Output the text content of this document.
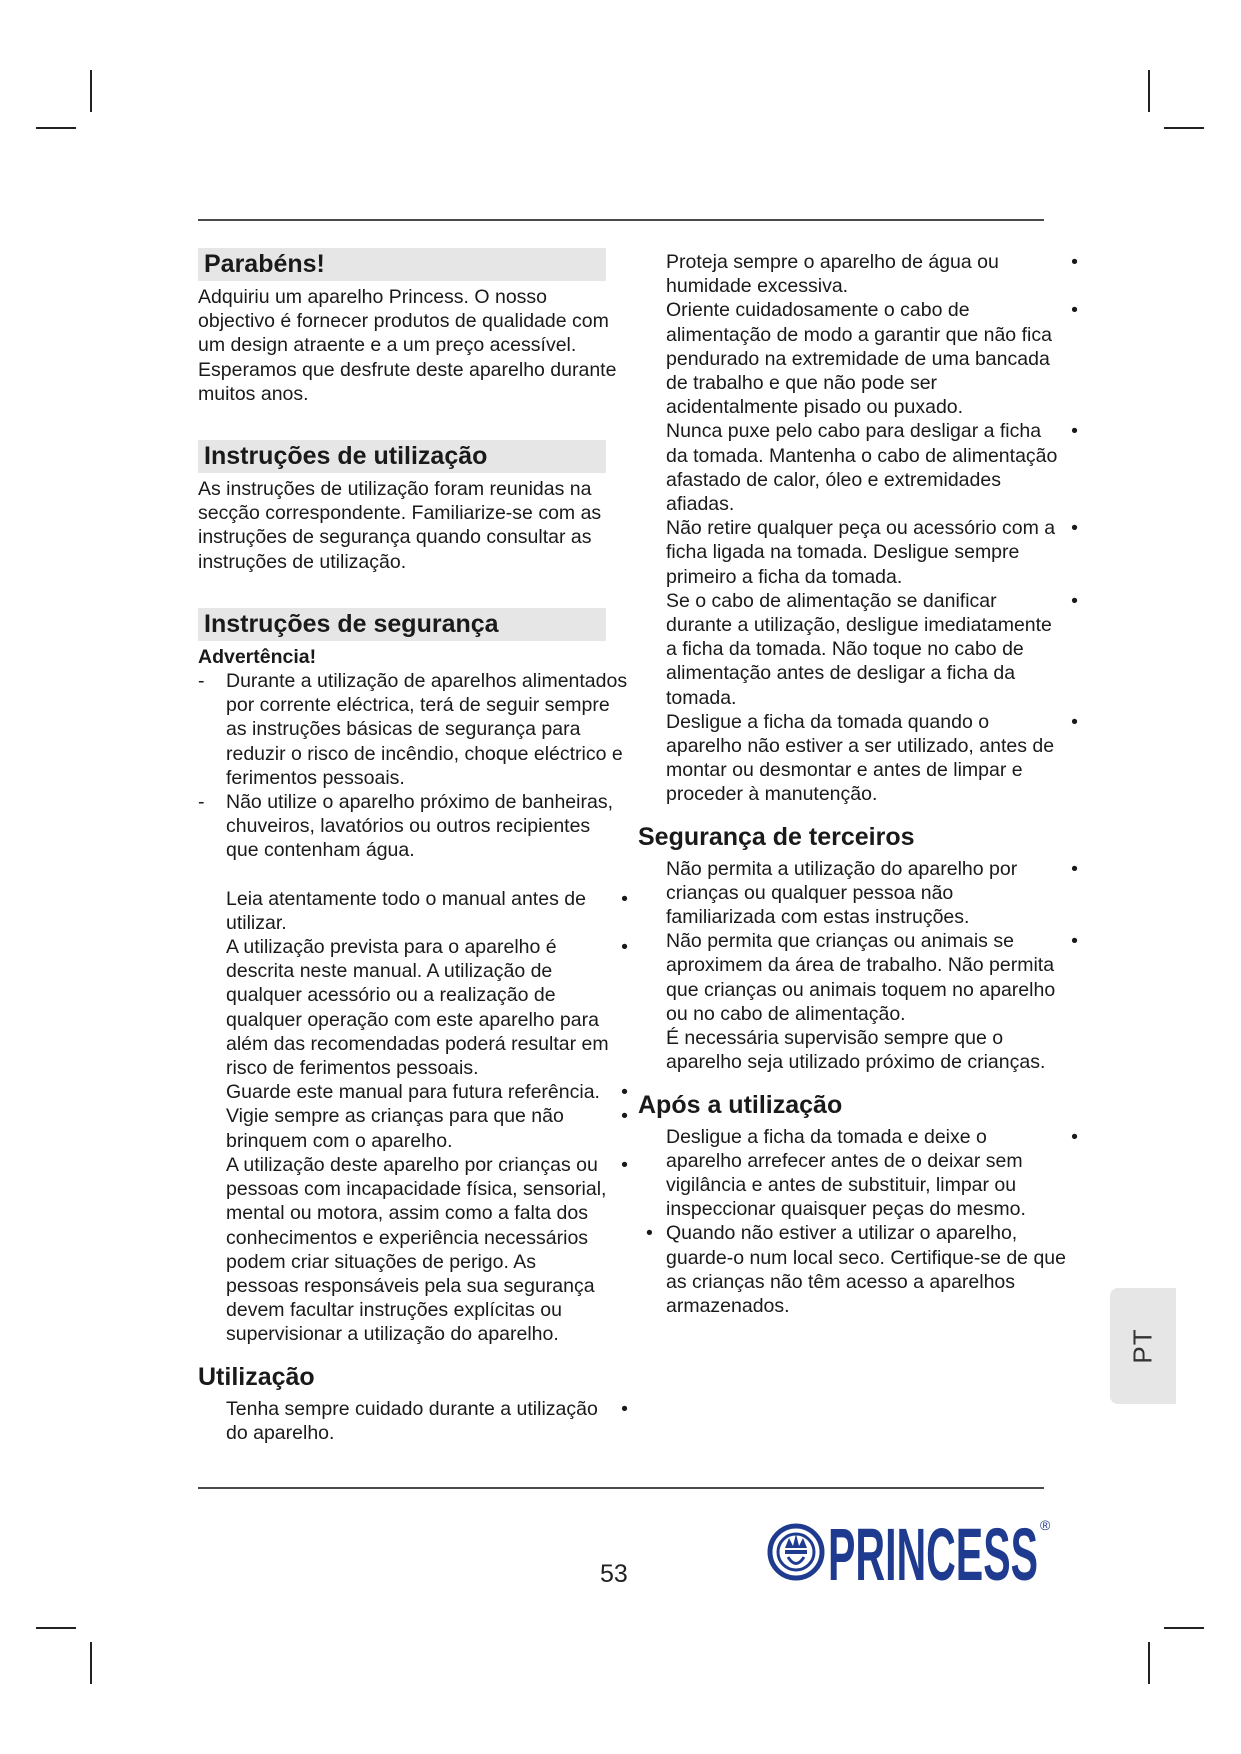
Parabéns!

Adquiriu um aparelho Princess. O nosso objectivo é fornecer produtos de qualidade com um design atraente e a um preço acessível. Esperamos que desfrute deste aparelho durante muitos anos.

Instruções de utilização

As instruções de utilização foram reunidas na secção correspondente. Familiarize-se com as instruções de segurança quando consultar as instruções de utilização.

Instruções de segurança

Advertência!

- Durante a utilização de aparelhos alimentados por corrente eléctrica, terá de seguir sempre as instruções básicas de segurança para reduzir o risco de incêndio, choque eléctrico e ferimentos pessoais.
- Não utilize o aparelho próximo de banheiras, chuveiros, lavatórios ou outros recipientes que contenham água.
Leia atentamente todo o manual antes de utilizar.
•
A utilização prevista para o aparelho é descrita neste manual. A utilização de qualquer acessório ou a realização de qualquer operação com este aparelho para além das recomendadas poderá resultar em risco de ferimentos pessoais.
•
Guarde este manual para futura referência. •
Vigie sempre as crianças para que não brinquem com o aparelho.
•
A utilização deste aparelho por crianças ou pessoas com incapacidade física, sensorial, mental ou motora, assim como a falta dos conhecimentos e experiência necessários podem criar situações de perigo. As pessoas responsáveis pela sua segurança devem facultar instruções explícitas ou supervisionar a utilização do aparelho.
•
Utilização
Tenha sempre cuidado durante a utilização do aparelho.
•
Proteja sempre o aparelho de água ou humidade excessiva.
•
Oriente cuidadosamente o cabo de alimentação de modo a garantir que não fica pendurado na extremidade de uma bancada de trabalho e que não pode ser acidentalmente pisado ou puxado.
•
Nunca puxe pelo cabo para desligar a ficha da tomada. Mantenha o cabo de alimentação afastado de calor, óleo e extremidades afiadas.
•
Não retire qualquer peça ou acessório com a ficha ligada na tomada. Desligue sempre primeiro a ficha da tomada.
•
Se o cabo de alimentação se danificar durante a utilização, desligue imediatamente a ficha da tomada. Não toque no cabo de alimentação antes de desligar a ficha da tomada.
•
Desligue a ficha da tomada quando o aparelho não estiver a ser utilizado, antes de montar ou desmontar e antes de limpar e proceder à manutenção.
•
Segurança de terceiros
Não permita a utilização do aparelho por crianças ou qualquer pessoa não familiarizada com estas instruções.
•
Não permita que crianças ou animais se aproximem da área de trabalho. Não permita que crianças ou animais toquem no aparelho ou no cabo de alimentação.
•
É necessária supervisão sempre que o aparelho seja utilizado próximo de crianças.
Após a utilização
Desligue a ficha da tomada e deixe o aparelho arrefecer antes de o deixar sem vigilância e antes de substituir, limpar ou inspeccionar quaisquer peças do mesmo.
•
• Quando não estiver a utilizar o aparelho, guarde-o num local seco. Certifique-se de que as crianças não têm acesso a aparelhos armazenados.
PT
53	PRINCESS ®
